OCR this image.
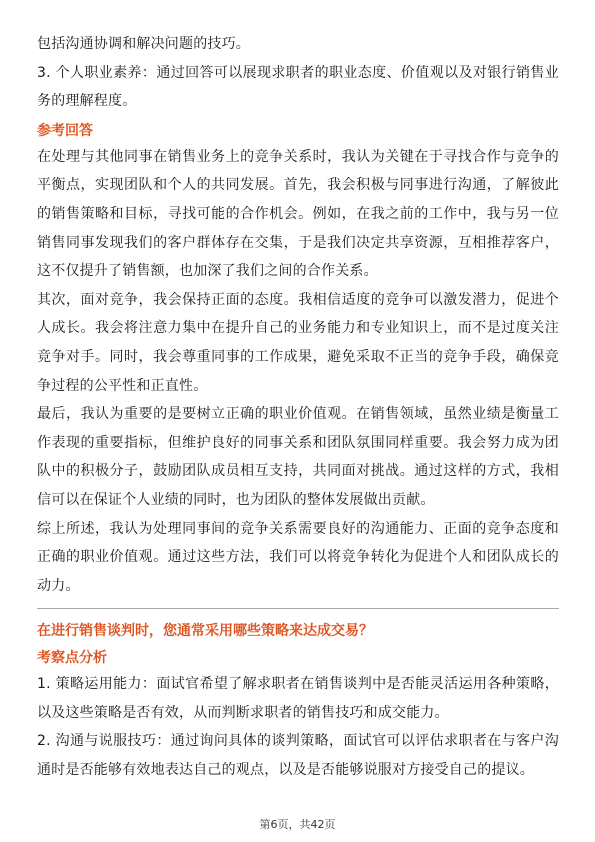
包括沟通协调和解决问题的技巧。

3. 个人职业素养：通过回答可以展现求职者的职业态度、价值观以及对银行销售业务的理解程度。

参考回答

在处理与其他同事在销售业务上的竞争关系时，我认为关键在于寻找合作与竞争的平衡点，实现团队和个人的共同发展。首先，我会积极与同事进行沟通，了解彼此的销售策略和目标，寻找可能的合作机会。例如，在我之前的工作中，我与另一位销售同事发现我们的客户群体存在交集，于是我们决定共享资源，互相推荐客户，这不仅提升了销售额，也加深了我们之间的合作关系。

其次，面对竞争，我会保持正面的态度。我相信适度的竞争可以激发潜力，促进个人成长。我会将注意力集中在提升自己的业务能力和专业知识上，而不是过度关注竞争对手。同时，我会尊重同事的工作成果，避免采取不正当的竞争手段，确保竞争过程的公平性和正直性。

最后，我认为重要的是要树立正确的职业价值观。在销售领域，虽然业绩是衡量工作表现的重要指标，但维护良好的同事关系和团队氛围同样重要。我会努力成为团队中的积极分子，鼓励团队成员相互支持，共同面对挑战。通过这样的方式，我相信可以在保证个人业绩的同时，也为团队的整体发展做出贡献。

综上所述，我认为处理同事间的竞争关系需要良好的沟通能力、正面的竞争态度和正确的职业价值观。通过这些方法，我们可以将竞争转化为促进个人和团队成长的动力。

在进行销售谈判时，您通常采用哪些策略来达成交易？
考察点分析

1. 策略运用能力：面试官希望了解求职者在销售谈判中是否能灵活运用各种策略，以及这些策略是否有效，从而判断求职者的销售技巧和成交能力。

2. 沟通与说服技巧：通过询问具体的谈判策略，面试官可以评估求职者在与客户沟通时是否能够有效地表达自己的观点，以及是否能够说服对方接受自己的提议。

第6页，共42页
